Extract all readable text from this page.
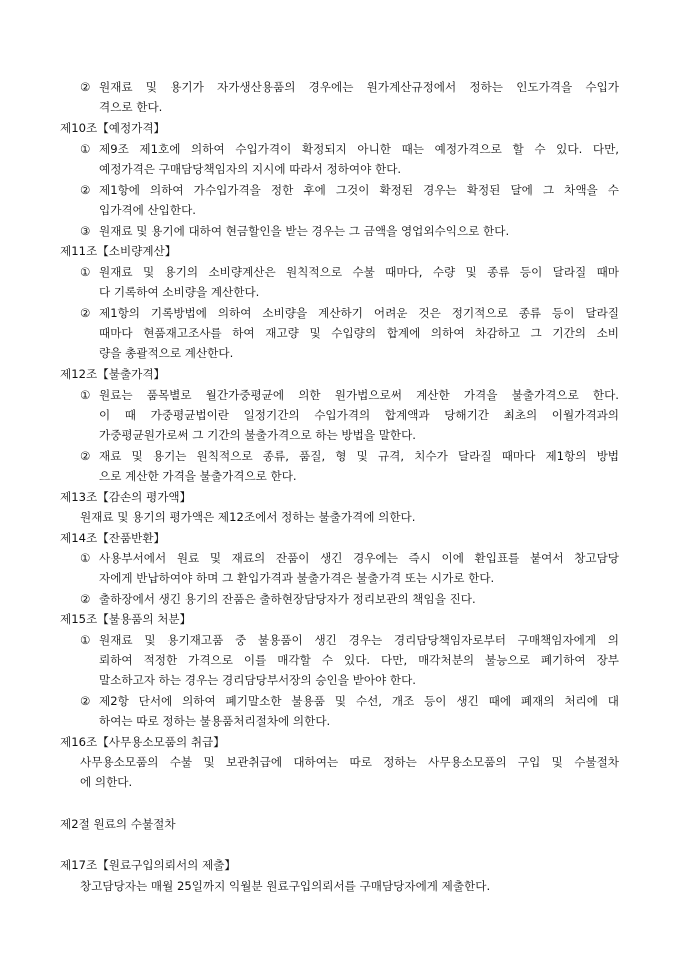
② 원재료 및 용기가 자가생산용품의 경우에는 원가계산규정에서 정하는 인도가격을 수입가
격으로 한다.
제10조【예정가격】
① 제9조 제1호에 의하여 수입가격이 확정되지 아니한 때는 예정가격으로 할 수 있다. 다만,
예정가격은 구매담당책임자의 지시에 따라서 정하여야 한다.
② 제1항에 의하여 가수입가격을 정한 후에 그것이 확정된 경우는 확정된 달에 그 차액을 수
입가격에 산입한다.
③ 원재료 및 용기에 대하여 현금할인을 받는 경우는 그 금액을 영업외수익으로 한다.
제11조【소비량계산】
① 원재료 및 용기의 소비량계산은 원칙적으로 수불 때마다, 수량 및 종류 등이 달라질 때마
다 기록하여 소비량을 계산한다.
② 제1항의 기록방법에 의하여 소비량을 계산하기 어려운 것은 정기적으로 종류 등이 달라질
때마다 현품재고조사를 하여 재고량 및 수입량의 합계에 의하여 차감하고 그 기간의 소비
량을 총괄적으로 계산한다.
제12조【불출가격】
① 원료는 품목별로 월간가중평균에 의한 원가법으로써 계산한 가격을 불출가격으로 한다.
이 때 가중평균법이란 일정기간의 수입가격의 합계액과 당해기간 최초의 이월가격과의
가중평균원가로써 그 기간의 불출가격으로 하는 방법을 말한다.
② 재료 및 용기는 원칙적으로 종류, 품질, 형 및 규격, 치수가 달라질 때마다 제1항의 방법
으로 계산한 가격을 불출가격으로 한다.
제13조【감손의 평가액】
원재료 및 용기의 평가액은 제12조에서 정하는 불출가격에 의한다.
제14조【잔품반환】
① 사용부서에서 원료 및 재료의 잔품이 생긴 경우에는 즉시 이에 환입표를 붙여서 창고담당
자에게 반납하여야 하며 그 환입가격과 불출가격은 불출가격 또는 시가로 한다.
② 출하장에서 생긴 용기의 잔품은 출하현장담당자가 정리보관의 책임을 진다.
제15조【불용품의 처분】
① 원재료 및 용기재고품 중 불용품이 생긴 경우는 경리담당책임자로부터 구매책임자에게 의
뢰하여 적정한 가격으로 이를 매각할 수 있다. 다만, 매각처분의 불능으로 폐기하여 장부
말소하고자 하는 경우는 경리담당부서장의 승인을 받아야 한다.
② 제2항 단서에 의하여 폐기말소한 불용품 및 수선, 개조 등이 생긴 때에 폐재의 처리에 대
하여는 따로 정하는 불용품처리절차에 의한다.
제16조【사무용소모품의 취급】
사무용소모품의 수불 및 보관취급에 대하여는 따로 정하는 사무용소모품의 구입 및 수불절차
에 의한다.
제2절 원료의 수불절차
제17조【원료구입의뢰서의 제출】
창고담당자는 매월 25일까지 익월분 원료구입의뢰서를 구매담당자에게 제출한다.
